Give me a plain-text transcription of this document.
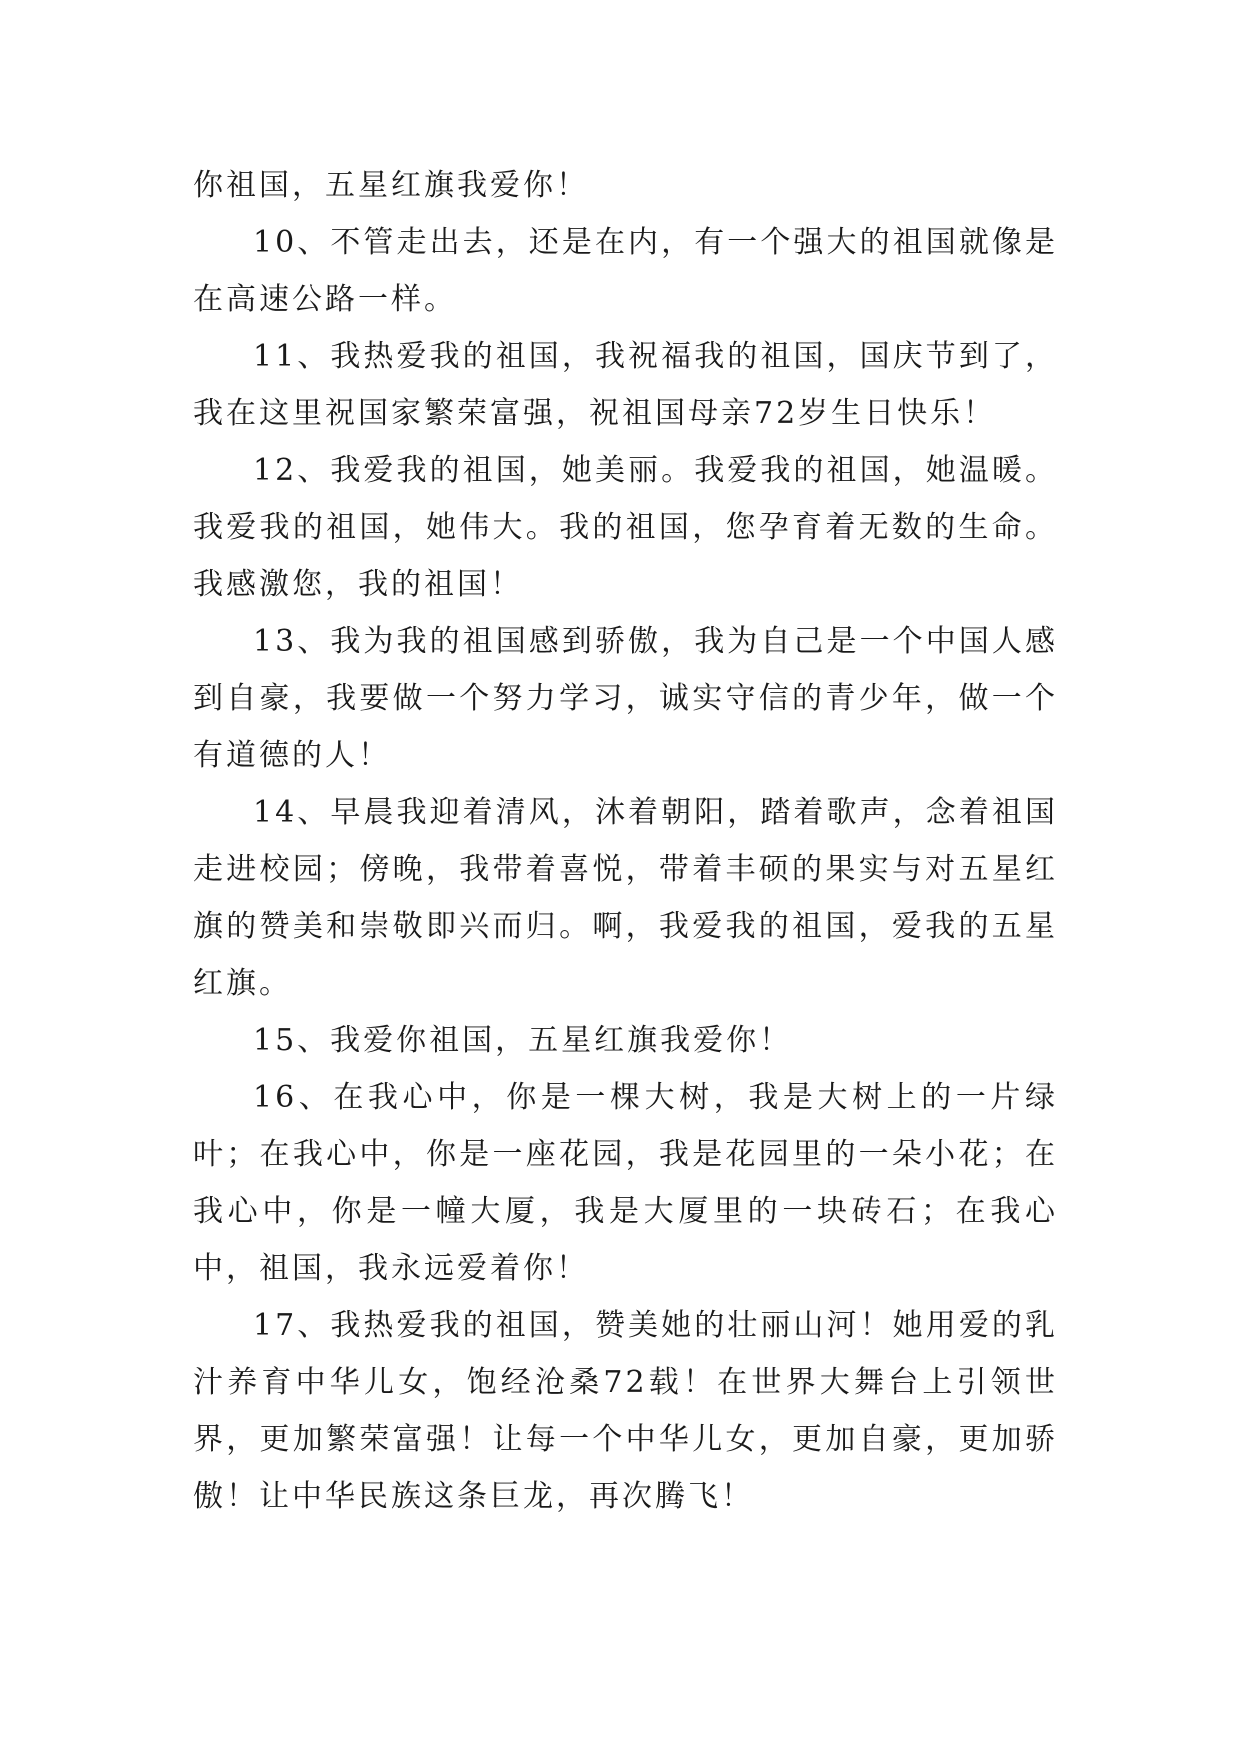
你祖国，五星红旗我爱你！

10、不管走出去，还是在内，有一个强大的祖国就像是在高速公路一样。

11、我热爱我的祖国，我祝福我的祖国，国庆节到了，我在这里祝国家繁荣富强，祝祖国母亲72岁生日快乐！

12、我爱我的祖国，她美丽。我爱我的祖国，她温暖。我爱我的祖国，她伟大。我的祖国，您孕育着无数的生命。我感激您，我的祖国！

13、我为我的祖国感到骄傲，我为自己是一个中国人感到自豪，我要做一个努力学习，诚实守信的青少年，做一个有道德的人！

14、早晨我迎着清风，沐着朝阳，踏着歌声，念着祖国走进校园；傍晚，我带着喜悦，带着丰硕的果实与对五星红旗的赞美和崇敬即兴而归。啊，我爱我的祖国，爱我的五星红旗。

15、我爱你祖国，五星红旗我爱你！

16、在我心中，你是一棵大树，我是大树上的一片绿叶；在我心中，你是一座花园，我是花园里的一朵小花；在我心中，你是一幢大厦，我是大厦里的一块砖石；在我心中，祖国，我永远爱着你！

17、我热爱我的祖国，赞美她的壮丽山河！她用爱的乳汁养育中华儿女，饱经沧桑72载！在世界大舞台上引领世界，更加繁荣富强！让每一个中华儿女，更加自豪，更加骄傲！让中华民族这条巨龙，再次腾飞！
